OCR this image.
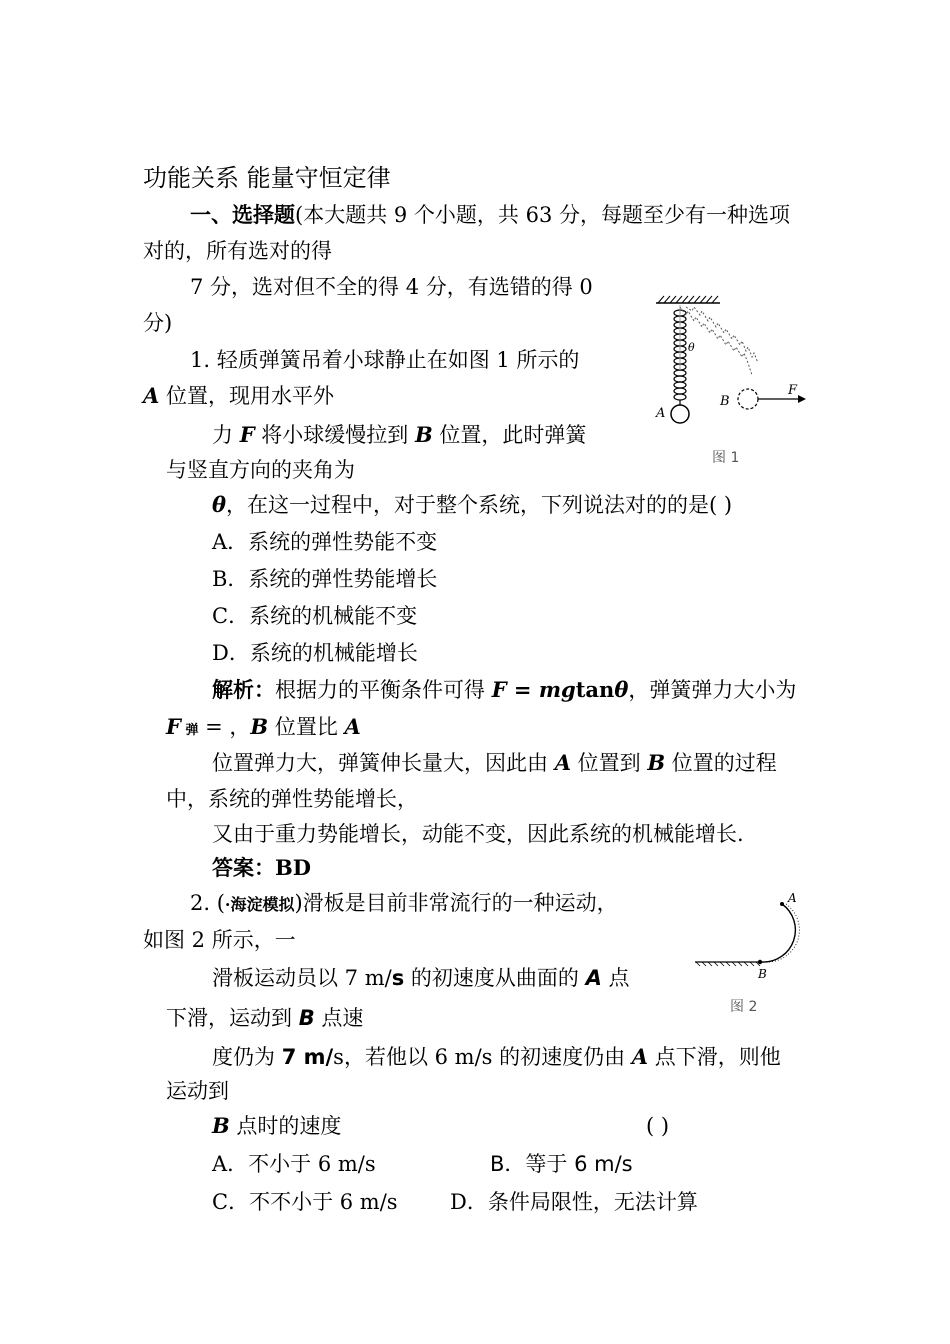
功能关系 能量守恒定律
一、选择题(本大题共 9 个小题，共 63 分，每题至少有一种选项
对的，所有选对的得
7 分，选对但不全的得 4 分，有选错的得 0
分)
1. 轻质弹簧吊着小球静止在如图 1 所示的
A 位置，现用水平外
力 F 将小球缓慢拉到 B 位置，此时弹簧
与竖直方向的夹角为
θ，在这一过程中，对于整个系统，下列说法对的的是( )
A．系统的弹性势能不变
B．系统的弹性势能增长
C．系统的机械能不变
D．系统的机械能增长
解析：根据力的平衡条件可得 F = mgtanθ，弹簧弹力大小为
F 弹 = ，B 位置比 A
位置弹力大，弹簧伸长量大，因此由 A 位置到 B 位置的过程
中，系统的弹性势能增长，
又由于重力势能增长，动能不变，因此系统的机械能增长.
答案：BD
θ
A
B
F
图 1
2. (·海淀模拟)滑板是目前非常流行的一种运动，
如图 2 所示，一
滑板运动员以 7 m/s 的初速度从曲面的 A 点
下滑，运动到 B 点速
度仍为 7 m/s，若他以 6 m/s 的初速度仍由 A 点下滑，则他
运动到
B 点时的速度	( )
A．不小于 6 m/s	B．等于 6 m/s
C．不不小于 6 m/s D．条件局限性，无法计算
A
B
图 2
